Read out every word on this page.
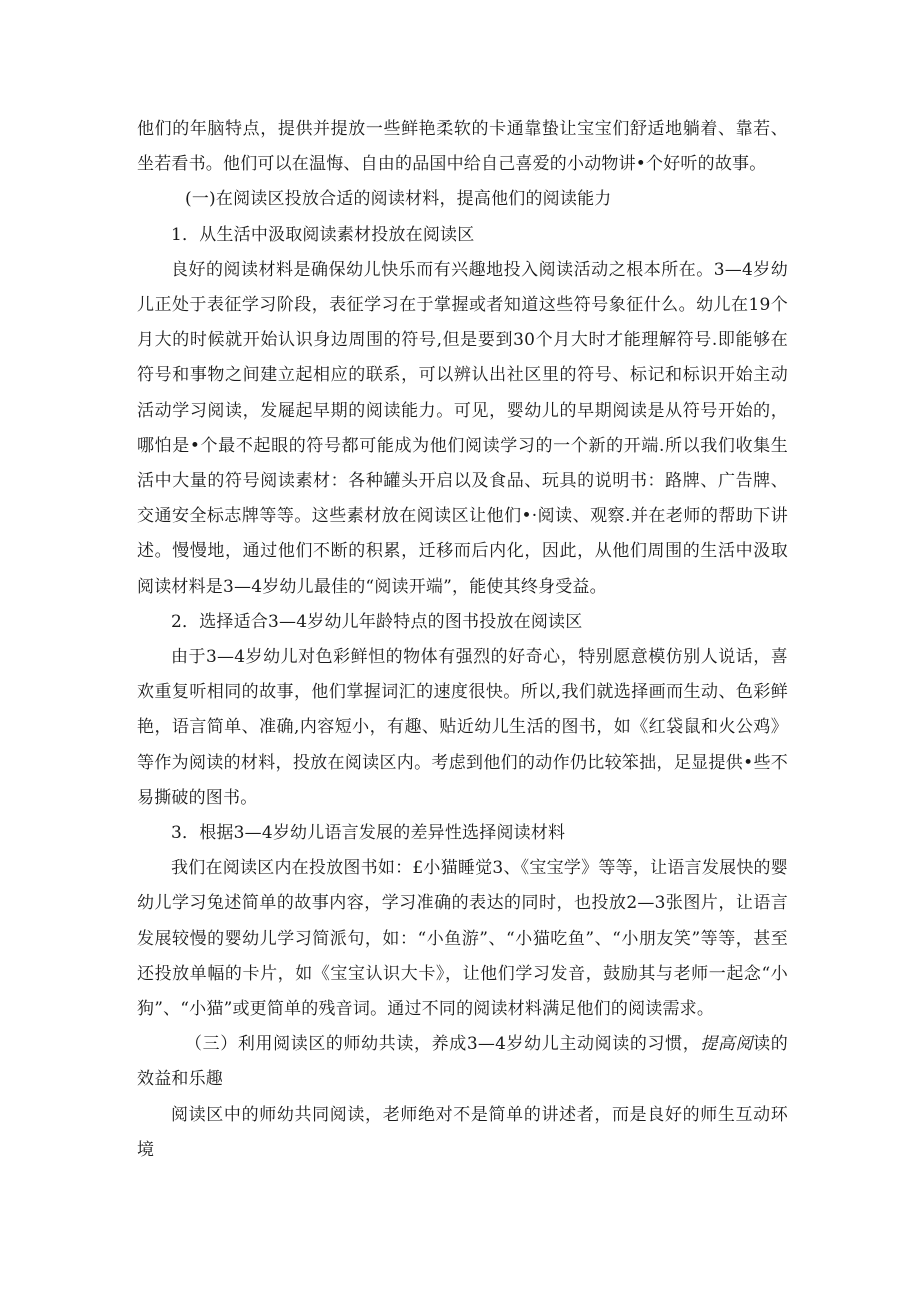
他们的年脑特点，提供并提放一些鲜艳柔软的卡通靠蛰让宝宝们舒适地躺着、靠若、坐若看书。他们可以在温悔、自由的品国中给自己喜爱的小动物讲•个好听的故事。

(一)在阅读区投放合适的阅读材料，提高他们的阅读能力

1．从生活中汲取阅读素材投放在阅读区

良好的阅读材料是确保幼儿快乐而有兴趣地投入阅读活动之根本所在。3—4岁幼儿正处于表征学习阶段，表征学习在于掌握或者知道这些符号象征什么。幼儿在19个月大的时候就开始认识身边周围的符号,但是要到30个月大时才能理解符号.即能够在符号和事物之间建立起相应的联系，可以辨认出社区里的符号、标记和标识开始主动活动学习阅读，发屣起早期的阅读能力。可见，婴幼儿的早期阅读是从符号开始的，哪怕是•个最不起眼的符号都可能成为他们阅读学习的一个新的开端.所以我们收集生活中大量的符号阅读素材：各种罐头开启以及食品、玩具的说明书：路牌、广告牌、交通安全标志牌等等。这些素材放在阅读区让他们•·阅读、观察.并在老师的帮助下讲述。慢慢地，通过他们不断的积累，迁移而后内化，因此，从他们周围的生活中汲取阅读材料是3—4岁幼儿最佳的“阅读开端”，能使其终身受益。

2．选择适合3—4岁幼儿年龄特点的图书投放在阅读区

由于3—4岁幼儿对色彩鲜怛的物体有强烈的好奇心，特别愿意模仿别人说话，喜欢重复听相同的故事，他们掌握词汇的速度很快。所以,我们就选择画而生动、色彩鲜艳，语言简单、准确,内容短小，有趣、贴近幼儿生活的图书，如《红袋鼠和火公鸡》等作为阅读的材料，投放在阅读区内。考虑到他们的动作仍比较笨拙，足显提供•些不易撕破的图书。

3．根据3—4岁幼儿语言发展的差异性选择阅读材料

我们在阅读区内在投放图书如：£小猫睡觉3、《宝宝学》等等，让语言发展快的婴幼儿学习兔述简单的故事内容，学习准确的表达的同时，也投放2—3张图片，让语言发展较慢的婴幼儿学习简派句，如：“小鱼游”、“小猫吃鱼”、“小朋友笑”等等，甚至还投放单幅的卡片，如《宝宝认识大卡》，让他们学习发音，鼓励其与老师一起念“小狗”、“小猫”或更简单的残音词。通过不同的阅读材料满足他们的阅读需求。

（三）利用阅读区的师幼共读，养成3—4岁幼儿主动阅读的习惯，提高阅读的效益和乐趣

阅读区中的师幼共同阅读，老师绝对不是简单的讲述者，而是良好的师生互动环境
